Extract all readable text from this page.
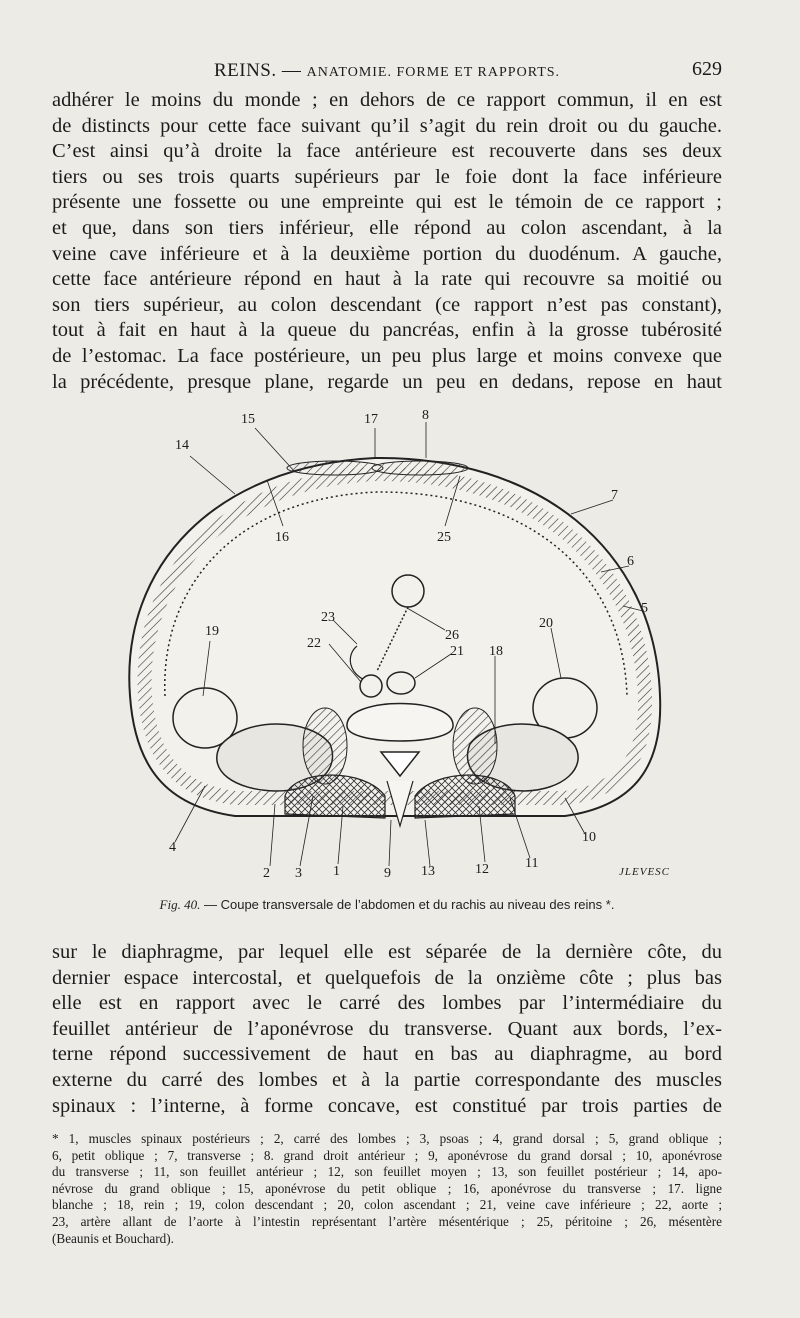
REINS. — ANATOMIE. FORME ET RAPPORTS.	629
adhérer le moins du monde ; en dehors de ce rapport commun, il en est
de distincts pour cette face suivant qu’il s’agit du rein droit ou du gauche.
C’est ainsi qu’à droite la face antérieure est recouverte dans ses deux
tiers ou ses trois quarts supérieurs par le foie dont la face inférieure
présente une fossette ou une empreinte qui est le témoin de ce rapport ;
et que, dans son tiers inférieur, elle répond au colon ascendant, à la
veine cave inférieure et à la deuxième portion du duodénum. A gauche,
cette face antérieure répond en haut à la rate qui recouvre sa moitié ou
son tiers supérieur, au colon descendant (ce rapport n’est pas constant),
tout à fait en haut à la queue du pancréas, enfin à la grosse tubérosité
de l’estomac. La face postérieure, un peu plus large et moins convexe que
la précédente, presque plane, regarde un peu en dedans, repose en haut
15	17	8
14
7
16	25
6
5
19
23
26
20
22
21 18
4
2 3 1	9 13	12	11
10
JLEVESC
Fig. 40. — Coupe transversale de l’abdomen et du rachis au niveau des reins *.
sur le diaphragme, par lequel elle est séparée de la dernière côte, du
dernier espace intercostal, et quelquefois de la onzième côte ; plus bas
elle est en rapport avec le carré des lombes par l’intermédiaire du
feuillet antérieur de l’aponévrose du transverse. Quant aux bords, l’ex-
terne répond successivement de haut en bas au diaphragme, au bord
externe du carré des lombes et à la partie correspondante des muscles
spinaux : l’interne, à forme concave, est constitué par trois parties de
* 1, muscles spinaux postérieurs ; 2, carré des lombes ; 3, psoas ; 4, grand dorsal ; 5, grand oblique ;
6, petit oblique ; 7, transverse ; 8. grand droit antérieur ; 9, aponévrose du grand dorsal ; 10, aponévrose
du transverse ; 11, son feuillet antérieur ; 12, son feuillet moyen ; 13, son feuillet postérieur ; 14, apo-
névrose du grand oblique ; 15, aponévrose du petit oblique ; 16, aponévrose du transverse ; 17. ligne
blanche ; 18, rein ; 19, colon descendant ; 20, colon ascendant ; 21, veine cave inférieure ; 22, aorte ;
23, artère allant de l’aorte à l’intestin représentant l’artère mésentérique ; 25, péritoine ; 26, mésentère
(Beaunis et Bouchard).
